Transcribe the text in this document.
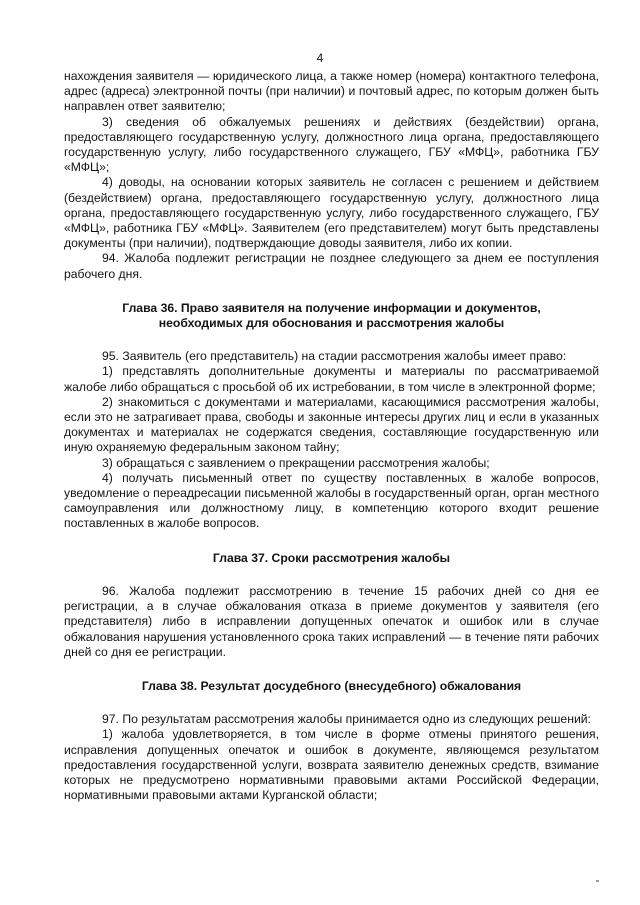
4

нахождения заявителя — юридического лица, а также номер (номера) контактного телефона, адрес (адреса) электронной почты (при наличии) и почтовый адрес, по которым должен быть направлен ответ заявителю;

3) сведения об обжалуемых решениях и действиях (бездействии) органа, предоставляющего государственную услугу, должностного лица органа, предоставляющего государственную услугу, либо государственного служащего, ГБУ «МФЦ», работника ГБУ «МФЦ»;

4) доводы, на основании которых заявитель не согласен с решением и действием (бездействием) органа, предоставляющего государственную услугу, должностного лица органа, предоставляющего государственную услугу, либо государственного служащего, ГБУ «МФЦ», работника ГБУ «МФЦ». Заявителем (его представителем) могут быть представлены документы (при наличии), подтверждающие доводы заявителя, либо их копии.

94. Жалоба подлежит регистрации не позднее следующего за днем ее поступления рабочего дня.

Глава 36. Право заявителя на получение информации и документов,

необходимых для обоснования и рассмотрения жалобы

95. Заявитель (его представитель) на стадии рассмотрения жалобы имеет право:

1) представлять дополнительные документы и материалы по рассматриваемой жалобе либо обращаться с просьбой об их истребовании, в том числе в электронной форме;

2) знакомиться с документами и материалами, касающимися рассмотрения жалобы, если это не затрагивает права, свободы и законные интересы других лиц и если в указанных документах и материалах не содержатся сведения, составляющие государственную или иную охраняемую федеральным законом тайну;

3) обращаться с заявлением о прекращении рассмотрения жалобы;

4) получать письменный ответ по существу поставленных в жалобе вопросов, уведомление о переадресации письменной жалобы в государственный орган, орган местного самоуправления или должностному лицу, в компетенцию которого входит решение поставленных в жалобе вопросов.

Глава 37. Сроки рассмотрения жалобы

96. Жалоба подлежит рассмотрению в течение 15 рабочих дней со дня ее регистрации, а в случае обжалования отказа в приеме документов у заявителя (его представителя) либо в исправлении допущенных опечаток и ошибок или в случае обжалования нарушения установленного срока таких исправлений — в течение пяти рабочих дней со дня ее регистрации.

Глава 38. Результат досудебного (внесудебного) обжалования

97. По результатам рассмотрения жалобы принимается одно из следующих решений:

1) жалоба удовлетворяется, в том числе в форме отмены принятого решения, исправления допущенных опечаток и ошибок в документе, являющемся результатом предоставления государственной услуги, возврата заявителю денежных средств, взимание которых не предусмотрено нормативными правовыми актами Российской Федерации, нормативными правовыми актами Курганской области;
